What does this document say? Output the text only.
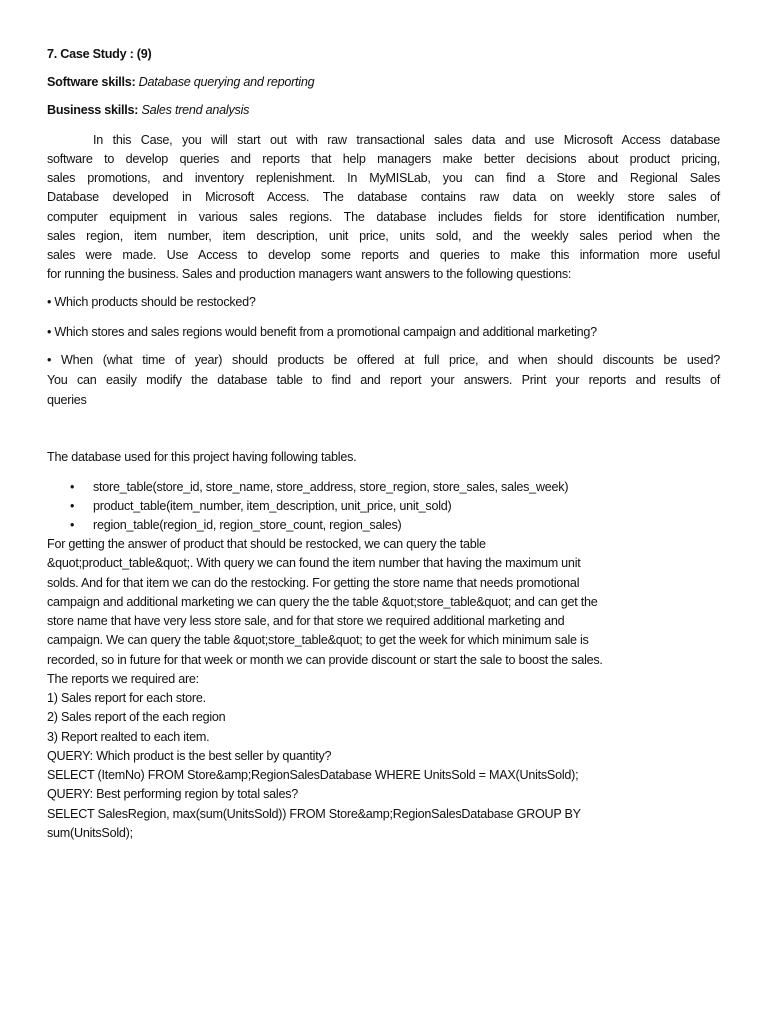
7. Case Study : (9)
Software skills: Database querying and reporting
Business skills: Sales trend analysis
In this Case, you will start out with raw transactional sales data and use Microsoft Access database
software to develop queries and reports that help managers make better decisions about product pricing,
sales promotions, and inventory replenishment. In MyMISLab, you can find a Store and Regional Sales
Database developed in Microsoft Access. The database contains raw data on weekly store sales of
computer equipment in various sales regions. The database includes fields for store identification number,
sales region, item number, item description, unit price, units sold, and the weekly sales period when the
sales were made. Use Access to develop some reports and queries to make this information more useful
for running the business. Sales and production managers want answers to the following questions:
• Which products should be restocked?
• Which stores and sales regions would benefit from a promotional campaign and additional marketing?
• When (what time of year) should products be offered at full price, and when should discounts be used?
You can easily modify the database table to find and report your answers. Print your reports and results of
queries
The database used for this project having following tables.
• store_table(store_id, store_name, store_address, store_region, store_sales, sales_week)
• product_table(item_number, item_description, unit_price, unit_sold)
• region_table(region_id, region_store_count, region_sales)
For getting the answer of product that should be restocked, we can query the table
&quot;product_table&quot;. With query we can found the item number that having the maximum unit
solds. And for that item we can do the restocking. For getting the store name that needs promotional
campaign and additional marketing we can query the the table &quot;store_table&quot; and can get the
store name that have very less store sale, and for that store we required additional marketing and
campaign. We can query the table &quot;store_table&quot; to get the week for which minimum sale is
recorded, so in future for that week or month we can provide discount or start the sale to boost the sales.
The reports we required are:
1) Sales report for each store.
2) Sales report of the each region
3) Report realted to each item.
QUERY: Which product is the best seller by quantity?
SELECT (ItemNo) FROM Store&amp;RegionSalesDatabase WHERE UnitsSold = MAX(UnitsSold);
QUERY: Best performing region by total sales?
SELECT SalesRegion, max(sum(UnitsSold)) FROM Store&amp;RegionSalesDatabase GROUP BY
sum(UnitsSold);
